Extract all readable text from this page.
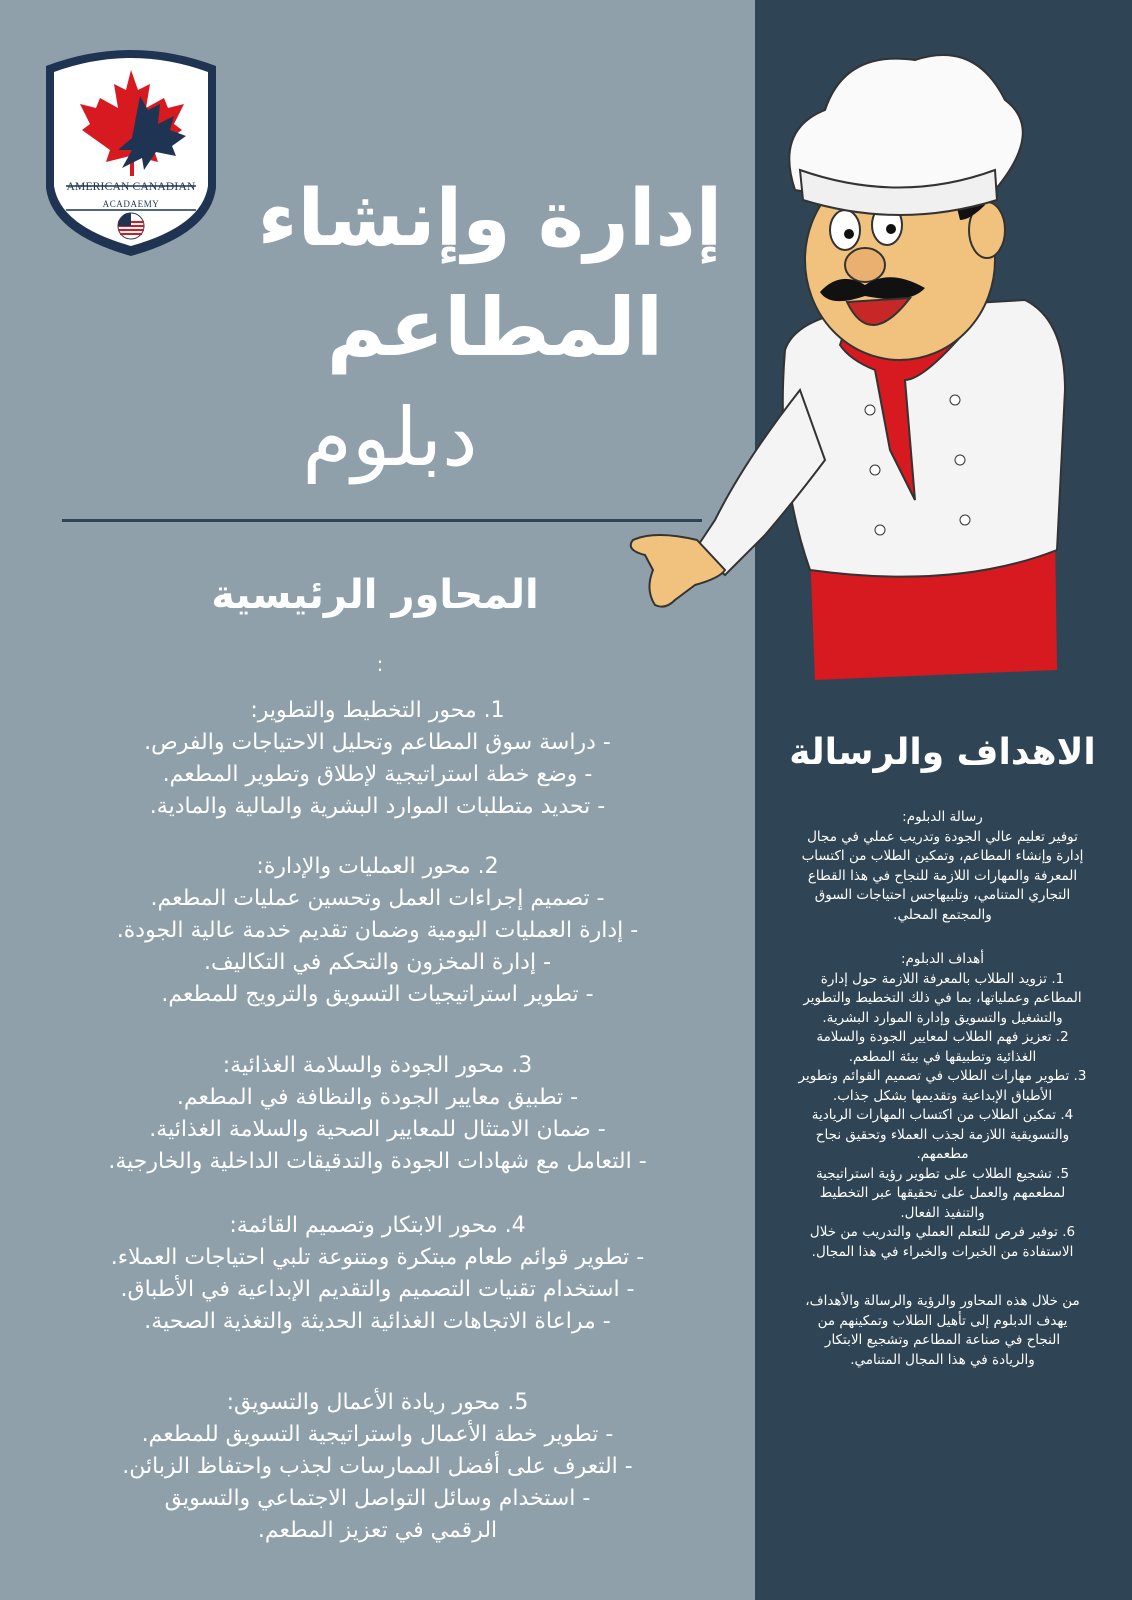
AMERICAN CANADIAN
ACADAEMY	إدارة وإنشاء
المطاعم
دبلوم
المحاور الرئيسية
:
1. محور التخطيط والتطوير:
- دراسة سوق المطاعم وتحليل الاحتياجات والفرص.
- وضع خطة استراتيجية لإطلاق وتطوير المطعم.
- تحديد متطلبات الموارد البشرية والمالية والمادية.
2. محور العمليات والإدارة:
- تصميم إجراءات العمل وتحسين عمليات المطعم.
- إدارة العمليات اليومية وضمان تقديم خدمة عالية الجودة.
- إدارة المخزون والتحكم في التكاليف.
- تطوير استراتيجيات التسويق والترويج للمطعم.
3. محور الجودة والسلامة الغذائية:
- تطبيق معايير الجودة والنظافة في المطعم.
- ضمان الامتثال للمعايير الصحية والسلامة الغذائية.
- التعامل مع شهادات الجودة والتدقيقات الداخلية والخارجية.
4. محور الابتكار وتصميم القائمة:
- تطوير قوائم طعام مبتكرة ومتنوعة تلبي احتياجات العملاء.
- استخدام تقنيات التصميم والتقديم الإبداعية في الأطباق.
- مراعاة الاتجاهات الغذائية الحديثة والتغذية الصحية.
5. محور ريادة الأعمال والتسويق:
- تطوير خطة الأعمال واستراتيجية التسويق للمطعم.
- التعرف على أفضل الممارسات لجذب واحتفاظ الزبائن.
- استخدام وسائل التواصل الاجتماعي والتسويق
الرقمي في تعزيز المطعم.
الاهداف والرسالة
رسالة الدبلوم:
توفير تعليم عالي الجودة وتدريب عملي في مجال
إدارة وإنشاء المطاعم، وتمكين الطلاب من اكتساب
المعرفة والمهارات اللازمة للنجاح في هذا القطاع
التجاري المتنامي، وتلبيهاجس احتياجات السوق
والمجتمع المحلي.
أهداف الدبلوم:
1. تزويد الطلاب بالمعرفة اللازمة حول إدارة
المطاعم وعملياتها، بما في ذلك التخطيط والتطوير
والتشغيل والتسويق وإدارة الموارد البشرية.
2. تعزيز فهم الطلاب لمعايير الجودة والسلامة
الغذائية وتطبيقها في بيئة المطعم.
3. تطوير مهارات الطلاب في تصميم القوائم وتطوير
الأطباق الإبداعية وتقديمها بشكل جذاب.
4. تمكين الطلاب من اكتساب المهارات الريادية
والتسويقية اللازمة لجذب العملاء وتحقيق نجاح
مطعمهم.
5. تشجيع الطلاب على تطوير رؤية استراتيجية
لمطعمهم والعمل على تحقيقها عبر التخطيط
والتنفيذ الفعال.
6. توفير فرص للتعلم العملي والتدريب من خلال
الاستفادة من الخبرات والخبراء في هذا المجال.
من خلال هذه المحاور والرؤية والرسالة والأهداف،
يهدف الدبلوم إلى تأهيل الطلاب وتمكينهم من
النجاح في صناعة المطاعم وتشجيع الابتكار
والريادة في هذا المجال المتنامي.
